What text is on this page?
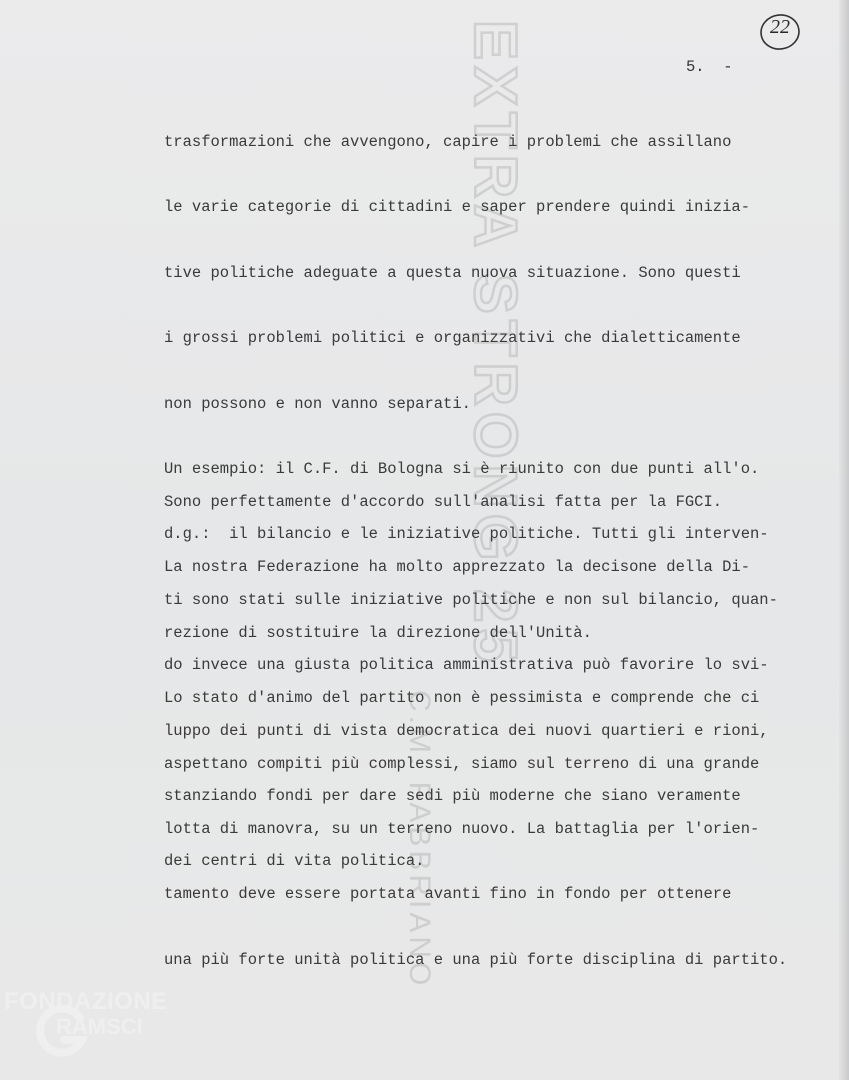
EXTRA STRONG 25
C.M. FABBRIANO
22
5.  -

trasformazioni che avvengono, capire i problemi che assillano

le varie categorie di cittadini e saper prendere quindi inizia-

tive politiche adeguate a questa nuova situazione. Sono questi

i grossi problemi politici e organizzativi che dialetticamente

non possono e non vanno separati.

Un esempio: il C.F. di Bologna si è riunito con due punti all'o.

d.g.:  il bilancio e le iniziative politiche. Tutti gli interven-

ti sono stati sulle iniziative politiche e non sul bilancio, quan-

do invece una giusta politica amministrativa può favorire lo svi-

luppo dei punti di vista democratica dei nuovi quartieri e rioni,

stanziando fondi per dare sedi più moderne che siano veramente

dei centri di vita politica.

Sono perfettamente d'accordo sull'analisi fatta per la FGCI.

La nostra Federazione ha molto apprezzato la decisone della Di-

rezione di sostituire la direzione dell'Unità.

Lo stato d'animo del partito non è pessimista e comprende che ci

aspettano compiti più complessi, siamo sul terreno di una grande

lotta di manovra, su un terreno nuovo. La battaglia per l'orien-

tamento deve essere portata avanti fino in fondo per ottenere

una più forte unità politica e una più forte disciplina di partito.

FONDAZIONE
RAMSCI
